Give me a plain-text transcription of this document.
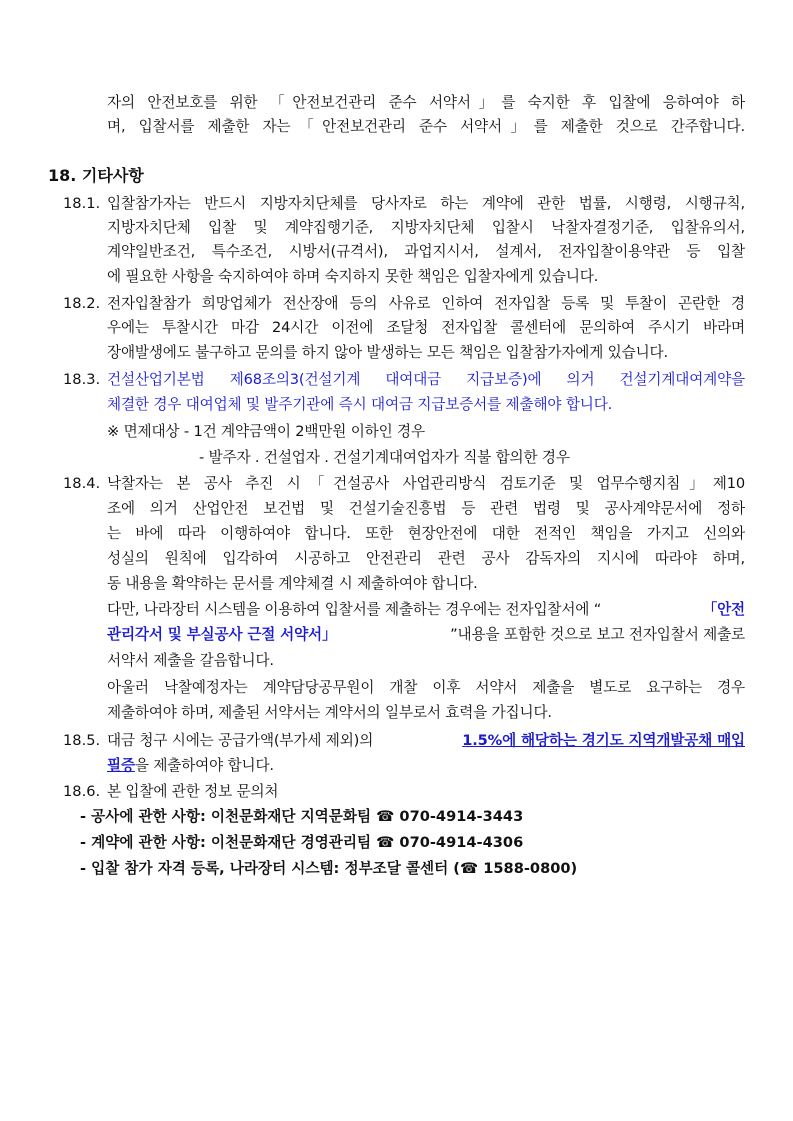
자의 안전보호를 위한 「안전보건관리 준수 서약서」를 숙지한 후 입찰에 응하여야 하
며, 입찰서를 제출한 자는「안전보건관리 준수 서약서」를 제출한 것으로 간주합니다.
18. 기타사항
18.1. 입찰참가자는 반드시 지방자치단체를 당사자로 하는 계약에 관한 법률, 시행령, 시행규칙,
지방자치단체 입찰 및 계약집행기준, 지방자치단체 입찰시 낙찰자결정기준, 입찰유의서,
계약일반조건, 특수조건, 시방서(규격서), 과업지시서, 설계서, 전자입찰이용약관 등 입찰
에 필요한 사항을 숙지하여야 하며 숙지하지 못한 책임은 입찰자에게 있습니다.
18.2. 전자입찰참가 희망업체가 전산장애 등의 사유로 인하여 전자입찰 등록 및 투찰이 곤란한 경
우에는 투찰시간 마감 24시간 이전에 조달청 전자입찰 콜센터에 문의하여 주시기 바라며
장애발생에도 불구하고 문의를 하지 않아 발생하는 모든 책임은 입찰참가자에게 있습니다.
18.3. 건설산업기본법 제68조의3(건설기계 대여대금 지급보증)에 의거 건설기계대여계약을
체결한 경우 대여업체 및 발주기관에 즉시 대여금 지급보증서를 제출해야 합니다.
※ 면제대상 - 1건 계약금액이 2백만원 이하인 경우
- 발주자 . 건설업자 . 건설기계대여업자가 직불 합의한 경우
18.4. 낙찰자는 본 공사 추진 시「건설공사 사업관리방식 검토기준 및 업무수행지침」제10
조에 의거 산업안전 보건법 및 건설기술진흥법 등 관련 법령 및 공사계약문서에 정하
는 바에 따라 이행하여야 합니다. 또한 현장안전에 대한 전적인 책임을 가지고 신의와
성실의 원칙에 입각하여 시공하고 안전관리 관련 공사 감독자의 지시에 따라야 하며,
동 내용을 확약하는 문서를 계약체결 시 제출하여야 합니다.
다만, 나라장터 시스템을 이용하여 입찰서를 제출하는 경우에는 전자입찰서에 “	「안전
관리각서 및 부실공사 근절 서약서」	”내용을 포함한 것으로 보고 전자입찰서 제출로
서약서 제출을 갈음합니다.
아울러 낙찰예정자는 계약담당공무원이 개찰 이후 서약서 제출을 별도로 요구하는 경우
제출하여야 하며, 제출된 서약서는 계약서의 일부로서 효력을 가집니다.
18.5. 대금 청구 시에는 공급가액(부가세 제외)의	1.5%에 해당하는 경기도 지역개발공채 매입
필증을 제출하여야 합니다.
18.6. 본 입찰에 관한 정보 문의처
- 공사에 관한 사항: 이천문화재단 지역문화팀 ☎ 070-4914-3443
- 계약에 관한 사항: 이천문화재단 경영관리팀 ☎ 070-4914-4306
- 입찰 참가 자격 등록, 나라장터 시스템: 정부조달 콜센터 (☎ 1588-0800)
